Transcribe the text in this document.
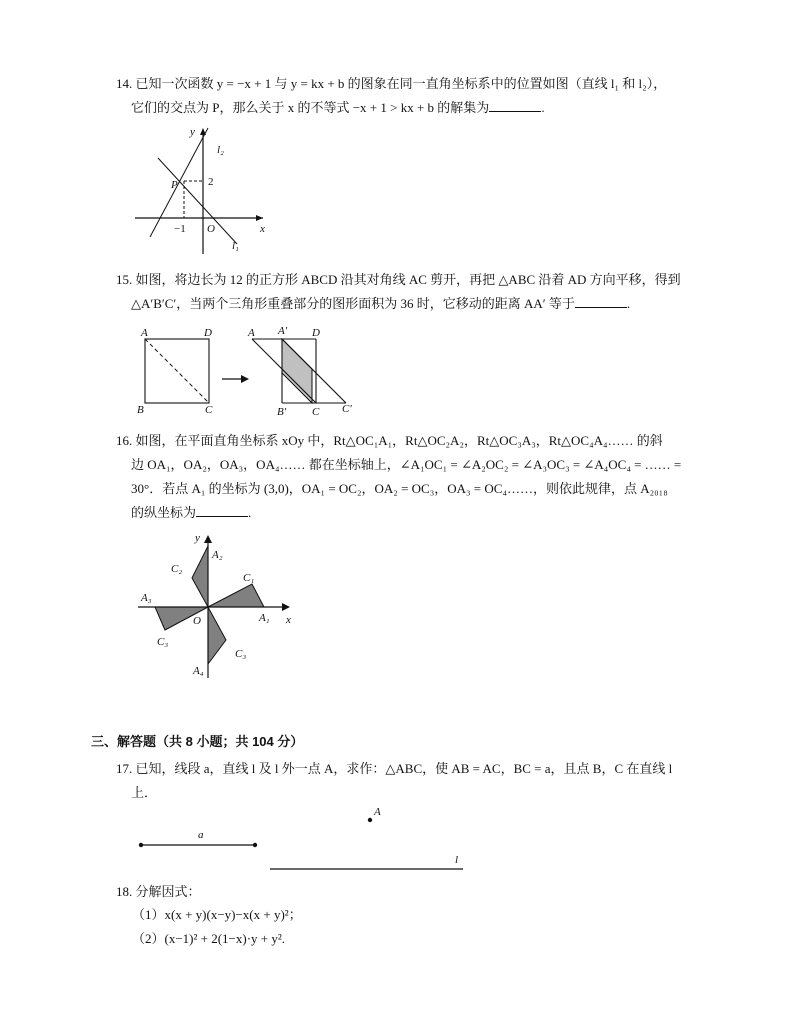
14. 已知一次函数 y = −x + 1 与 y = kx + b 的图象在同一直角坐标系中的位置如图（直线 l₁ 和 l₂），
它们的交点为 P，那么关于 x 的不等式 −x + 1 > kx + b 的解集为	.
y
l₂
P	2
x
−1 O
l₁
15. 如图，将边长为 12 的正方形 ABCD 沿其对角线 AC 剪开，再把 △ABC 沿着 AD 方向平移，得到
△A′B′C′，当两个三角形重叠部分的图形面积为 36 时，它移动的距离 AA′ 等于	.
A	D
B	C
A A′ D
B′ C C′
16. 如图，在平面直角坐标系 xOy 中，Rt△OC₁A₁，Rt△OC₂A₂，Rt△OC₃A₃，Rt△OC₄A₄…… 的斜
边 OA₁，OA₂，OA₃，OA₄…… 都在坐标轴上，∠A₁OC₁ = ∠A₂OC₂ = ∠A₃OC₃ = ∠A₄OC₄ = …… =
30°．若点 A₁ 的坐标为 (3,0)，OA₁ = OC₂，OA₂ = OC₃，OA₃ = OC₄……，则依此规律，点 A₂₀₁₈
的纵坐标为	.
y
A₂
C₂
C₁
A₃
O	A₁ x
C₃
C₃
A₄
三、解答题（共 8 小题；共 104 分）
17. 已知，线段 a，直线 l 及 l 外一点 A，求作：△ABC，使 AB = AC，BC = a，且点 B，C 在直线 l
上．
a
A
l
18. 分解因式：
（1）x(x + y)(x−y)−x(x + y)²；
（2）(x−1)² + 2(1−x)·y + y².
